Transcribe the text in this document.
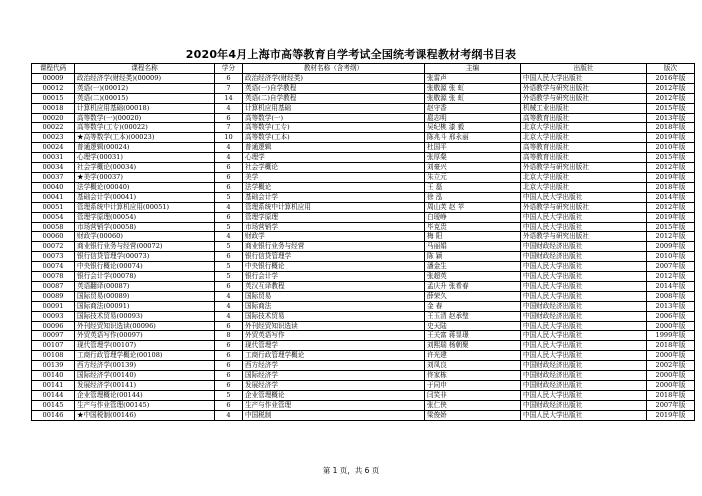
2020年4月上海市高等教育自学考试全国统考课程教材考纲书目表
课程代码	课程名称	学分	教材名称（含考纲）	主编	出版社	版次
00009	政治经济学(财经类)(00009)	6	政治经济学(财经类)	张雷声	中国人民大学出版社	2016年版
00012	英语(一)(00012)	7	英语(一)自学教程	张敬源 张 虹	外语教学与研究出版社	2012年版
00015	英语(二)(00015)	14	英语(二)自学教程	张敬源 张 虹	外语教学与研究出版社	2012年版
00018	计算机应用基础(00018)	4	计算机应用基础	赵守香	机械工业出版社	2015年版
00020	高等数学(一)(00020)	6	高等数学(一)	扈志明	高等教育出版社	2013年版
00022	高等数学(工专)(00022)	7	高等数学(工专)	吴纪桃 漆 毅	北京大学出版社	2018年版
00023	★高等数学(工本)(00023)	10	高等数学(工本)	陈兆斗 邢永丽	北京大学出版社	2019年版
00024	普通逻辑(00024)	4	普通逻辑	杜国平	高等教育出版社	2010年版
00031	心理学(00031)	4	心理学	张厚粲	高等教育出版社	2015年版
00034	社会学概论(00034)	6	社会学概论	刘豪兴	外语教学与研究出版社	2012年版
00037	★美学(00037)	6	美学	朱立元	北京大学出版社	2019年版
00040	法学概论(00040)	6	法学概论	王 磊	北京大学出版社	2018年版
00041	基础会计学(00041)	5	基础会计学	徐 泓	中国人民大学出版社	2014年版
00051	管理系统中计算机应用(00051)	4	管理系统中计算机应用	周山芙 赵 苹	外语教学与研究出版社	2012年版
00054	管理学原理(00054)	6	管理学原理	白瑷峥	中国人民大学出版社	2019年版
00058	市场营销学(00058)	5	市场营销学	毕克贵	中国人民大学出版社	2015年版
00060	财政学(00060)	4	财政学	梅 阳	外语教学与研究出版社	2012年版
00072	商业银行业务与经营(00072)	5	商业银行业务与经营	马丽娟	中国财政经济出版社	2009年版
00073	银行信贷管理学(00073)	6	银行信贷管理学	陈 颖	中国财政经济出版社	2010年版
00074	中央银行概论(00074)	5	中央银行概论	潘金生	中国人民大学出版社	2007年版
00078	银行会计学(00078)	5	银行会计学	张超英	中国人民大学出版社	2012年版
00087	英语翻译(00087)	6	英汉互译教程	孟庆升 张希春	中国人民大学出版社	2014年版
00089	国际贸易(00089)	4	国际贸易	薛荣久	中国人民大学出版社	2008年版
00091	国际商法(00091)	4	国际商法	金 春	中国财政经济出版社	2013年版
00093	国际技术贸易(00093)	4	国际技术贸易	王玉清 赵承璧	中国财政经济出版社	2006年版
00096	外刊经贸知识选读(00096)	6	外刊经贸知识选读	史天陆	中国人民大学出版社	2000年版
00097	外贸英语写作(00097)	8	外贸英语写作	王关富 蒋显璟	中国人民大学出版社	1999年版
00107	现代管理学(00107)	6	现代管理学	刘熙瑞 杨朝聚	中国人民大学出版社	2018年版
00108	工商行政管理学概论(00108)	6	工商行政管理学概论	许光建	中国人民大学出版社	2000年版
00139	西方经济学(00139)	6	西方经济学	刘凤良	中国财政经济出版社	2002年版
00140	国际经济学(00140)	6	国际经济学	佟家栋	中国财政经济出版社	2000年版
00141	发展经济学(00141)	6	发展经济学	于同申	中国财政经济出版社	2000年版
00144	企业管理概论(00144)	5	企业管理概论	闫笑非	中国人民大学出版社	2018年版
00145	生产与作业管理(00145)	6	生产与作业管理	张仁侠	中国财政经济出版社	2007年版
00146	★中国税制(00146)	4	中国税制	梁俊娇	中国人民大学出版社	2019年版
第 1 页，共 6 页
